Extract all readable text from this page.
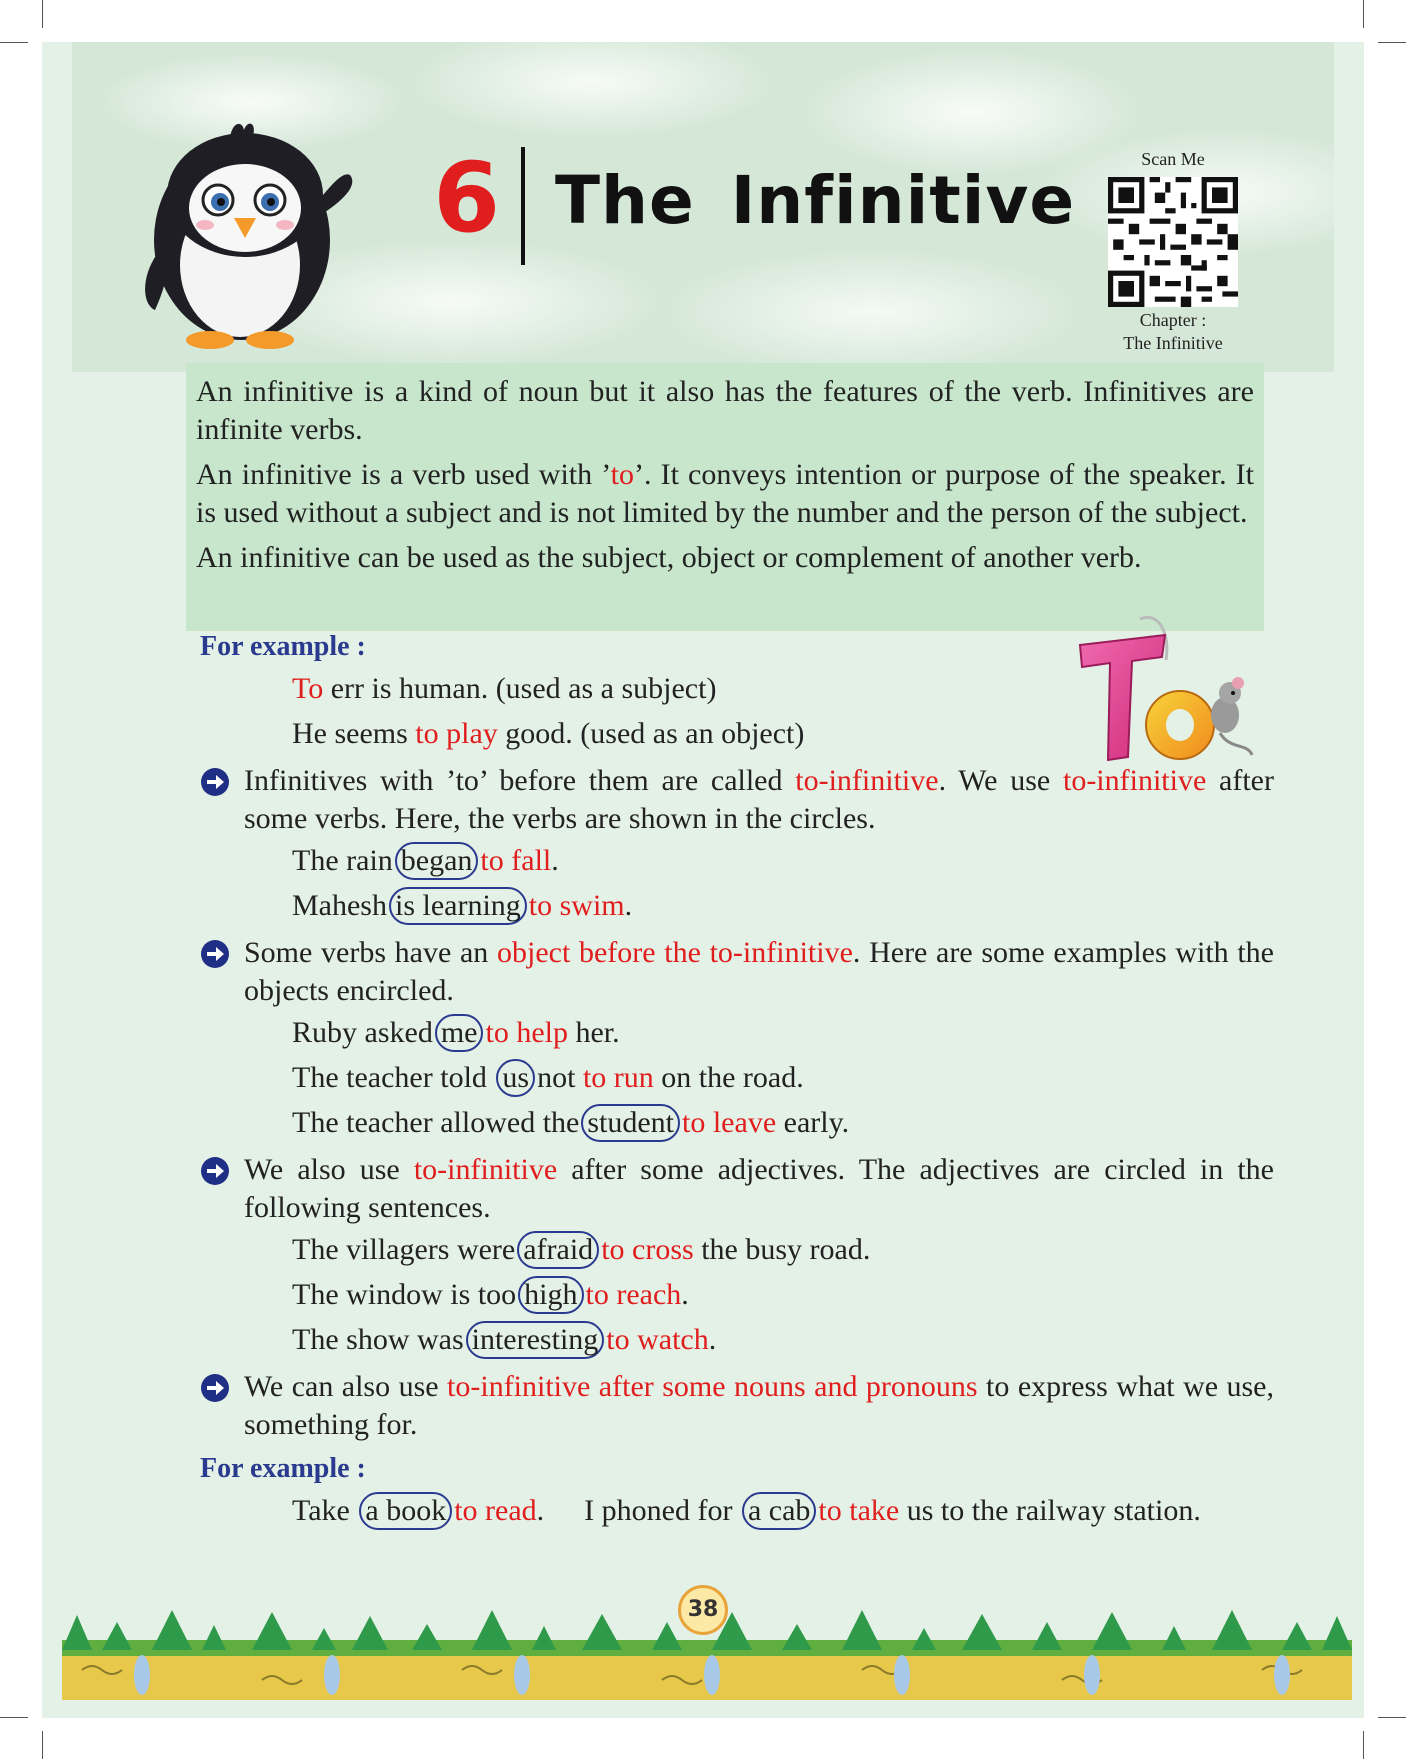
6 The Infinitive
Scan Me
Chapter :
The Infinitive

An infinitive is a kind of noun but it also has the features of the verb. Infinitives are infinite verbs.

An infinitive is a verb used with ’to’. It conveys intention or purpose of the speaker. It is used without a subject and is not limited by the number and the person of the subject.

An infinitive can be used as the subject, object or complement of another verb.

For example :

To err is human. (used as a subject)

He seems to play good. (used as an object)

Infinitives with ’to’ before them are called to-infinitive. We use to-infinitive after some verbs. Here, the verbs are shown in the circles.

The rain began to fall.

Mahesh is learning to swim.

Some verbs have an object before the to-infinitive. Here are some examples with the objects encircled.

Ruby asked me to help her.

The teacher told us not to run on the road.

The teacher allowed the student to leave early.

We also use to-infinitive after some adjectives. The adjectives are circled in the following sentences.

The villagers were afraid to cross the busy road.

The window is too high to reach.

The show was interesting to watch.

We can also use to-infinitive after some nouns and pronouns to express what we use, something for.
For example :

Take a book to read. I phoned for a cab to take us to the railway station.

38
